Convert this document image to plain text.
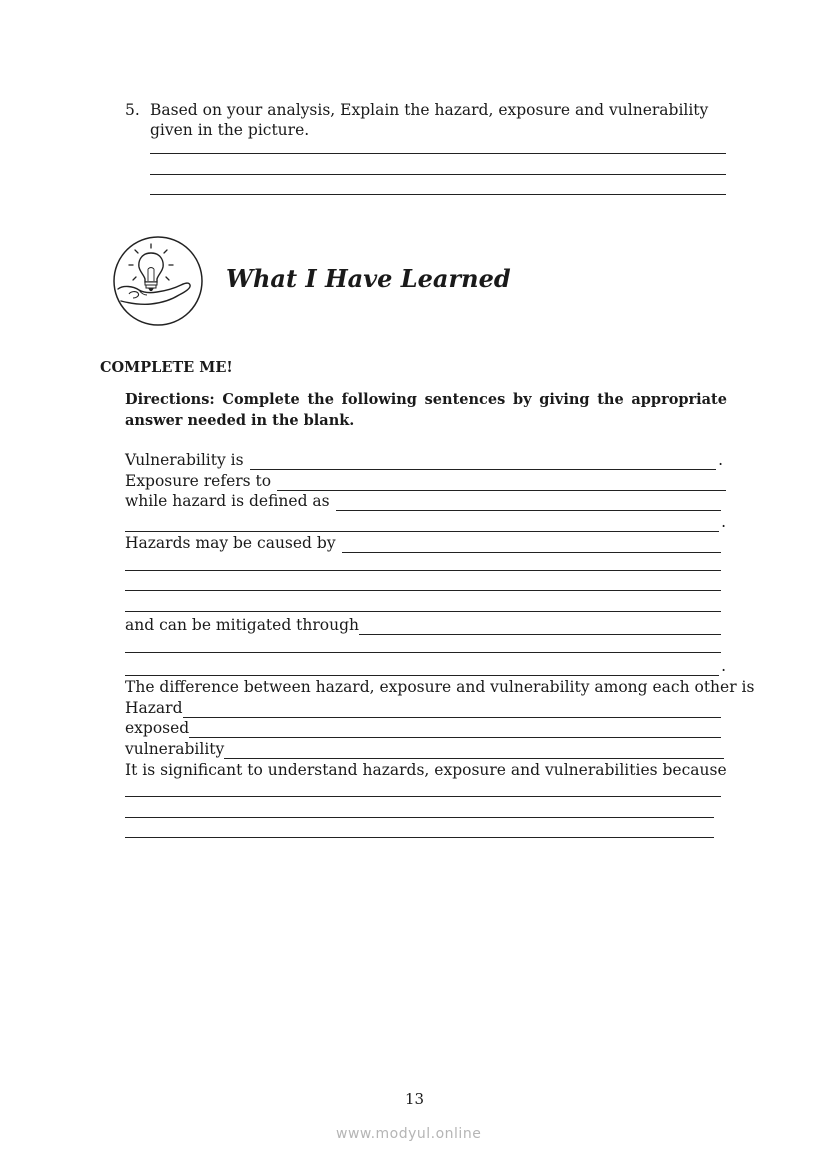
5. Based on your analysis, Explain the hazard, exposure and vulnerability
given in the picture.
What I Have Learned
COMPLETE ME!
Directions: Complete the following sentences by giving the appropriate answer needed in the blank.
Vulnerability is	.
Exposure refers to
while hazard is defined as
.
Hazards may be caused by
and can be mitigated through
.
The difference between hazard, exposure and vulnerability among each other is
Hazard
exposed
vulnerability
It is significant to understand hazards, exposure and vulnerabilities because
13
www.modyul.online
